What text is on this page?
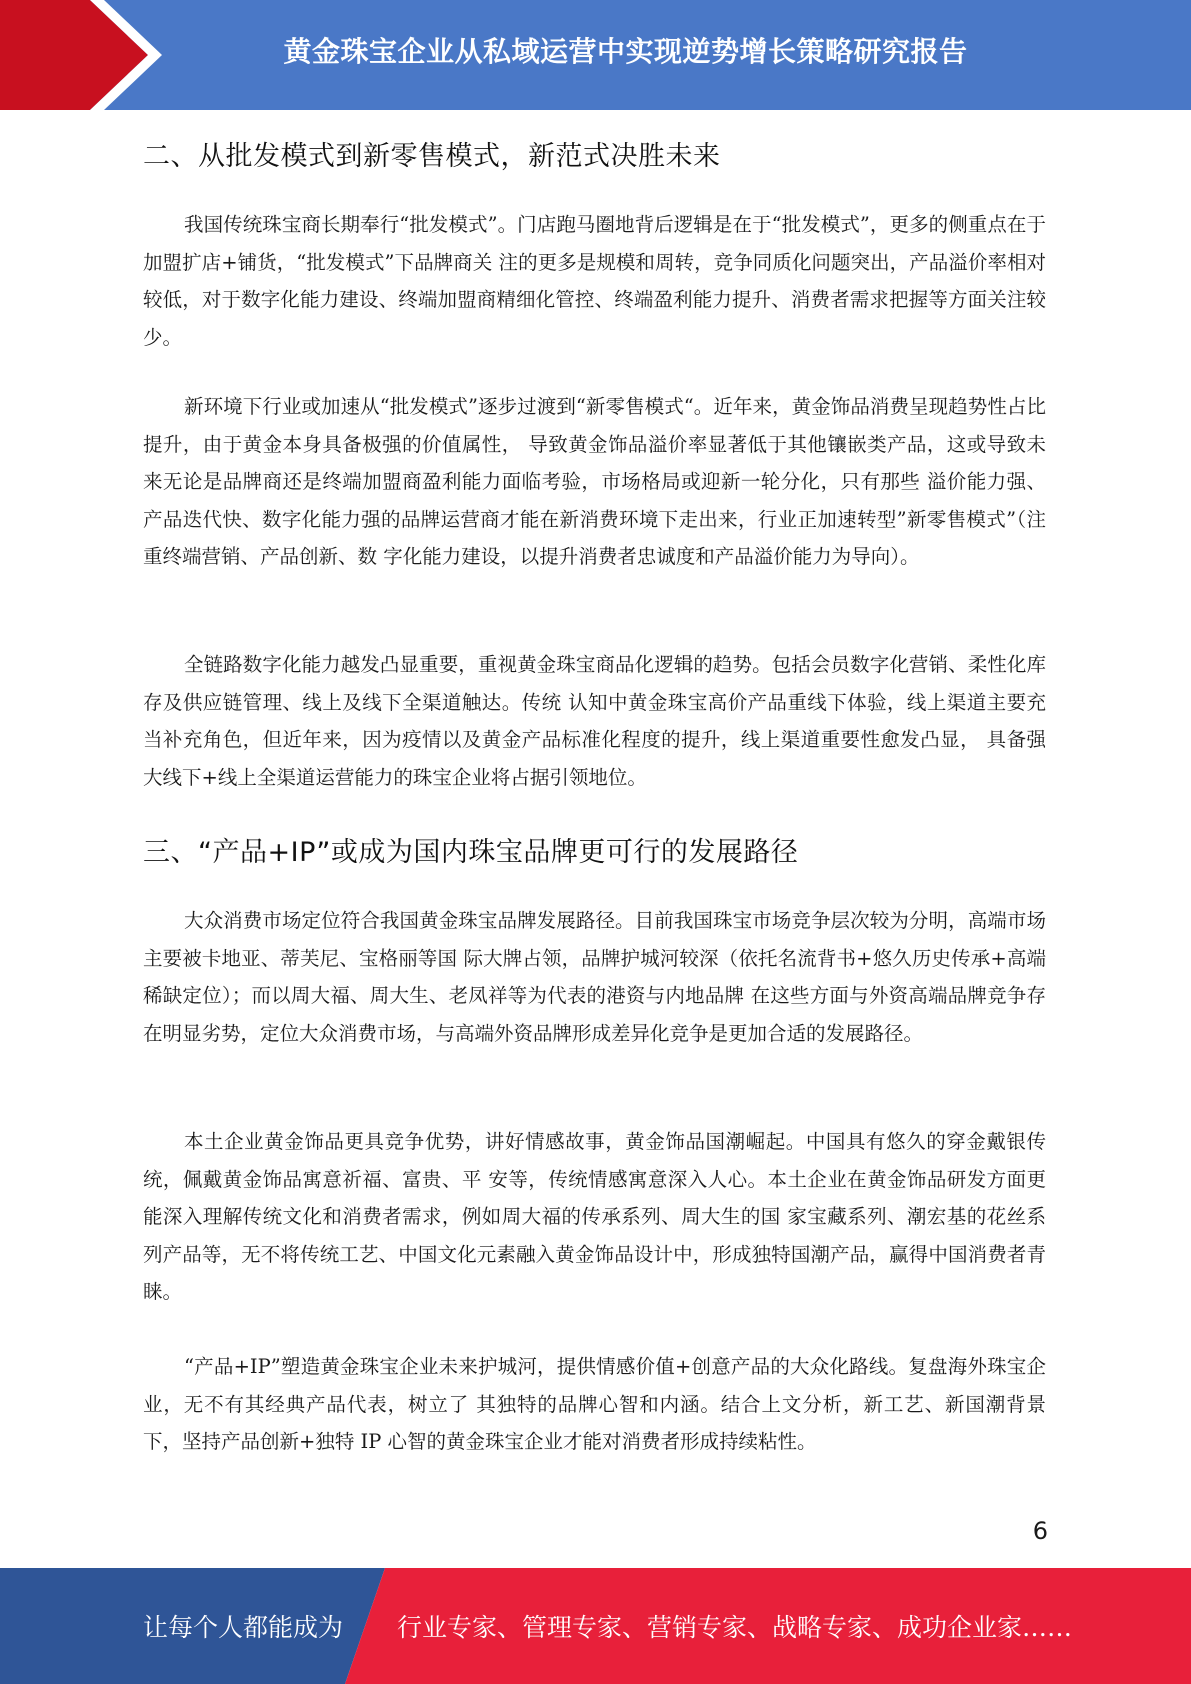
黄金珠宝企业从私域运营中实现逆势增长策略研究报告
二、从批发模式到新零售模式，新范式决胜未来

我国传统珠宝商长期奉行“批发模式”。门店跑马圈地背后逻辑是在于“批发模式”，更多的侧重点在于加盟扩店+铺货，“批发模式”下品牌商关 注的更多是规模和周转，竞争同质化问题突出，产品溢价率相对较低，对于数字化能力建设、终端加盟商精细化管控、终端盈利能力提升、消费者需求把握等方面关注较少。

新环境下行业或加速从“批发模式”逐步过渡到“新零售模式“。近年来，黄金饰品消费呈现趋势性占比提升，由于黄金本身具备极强的价值属性， 导致黄金饰品溢价率显著低于其他镶嵌类产品，这或导致未来无论是品牌商还是终端加盟商盈利能力面临考验，市场格局或迎新一轮分化，只有那些 溢价能力强、产品迭代快、数字化能力强的品牌运营商才能在新消费环境下走出来，行业正加速转型”新零售模式”（注重终端营销、产品创新、数 字化能力建设，以提升消费者忠诚度和产品溢价能力为导向）。

全链路数字化能力越发凸显重要，重视黄金珠宝商品化逻辑的趋势。包括会员数字化营销、柔性化库存及供应链管理、线上及线下全渠道触达。传统 认知中黄金珠宝高价产品重线下体验，线上渠道主要充当补充角色，但近年来，因为疫情以及黄金产品标准化程度的提升，线上渠道重要性愈发凸显， 具备强大线下+线上全渠道运营能力的珠宝企业将占据引领地位。

三、“产品+IP”或成为国内珠宝品牌更可行的发展路径

大众消费市场定位符合我国黄金珠宝品牌发展路径。目前我国珠宝市场竞争层次较为分明，高端市场主要被卡地亚、蒂芙尼、宝格丽等国 际大牌占领，品牌护城河较深（依托名流背书+悠久历史传承+高端稀缺定位）；而以周大福、周大生、老凤祥等为代表的港资与内地品牌 在这些方面与外资高端品牌竞争存在明显劣势，定位大众消费市场，与高端外资品牌形成差异化竞争是更加合适的发展路径。

本土企业黄金饰品更具竞争优势，讲好情感故事，黄金饰品国潮崛起。中国具有悠久的穿金戴银传统，佩戴黄金饰品寓意祈福、富贵、平 安等，传统情感寓意深入人心。本土企业在黄金饰品研发方面更能深入理解传统文化和消费者需求，例如周大福的传承系列、周大生的国 家宝藏系列、潮宏基的花丝系列产品等，无不将传统工艺、中国文化元素融入黄金饰品设计中，形成独特国潮产品，赢得中国消费者青睐。

“产品+IP”塑造黄金珠宝企业未来护城河，提供情感价值+创意产品的大众化路线。复盘海外珠宝企业，无不有其经典产品代表，树立了 其独特的品牌心智和内涵。结合上文分析，新工艺、新国潮背景下，坚持产品创新+独特 IP 心智的黄金珠宝企业才能对消费者形成持续粘性。

6
让每个人都能成为 行业专家、管理专家、营销专家、战略专家、成功企业家……
